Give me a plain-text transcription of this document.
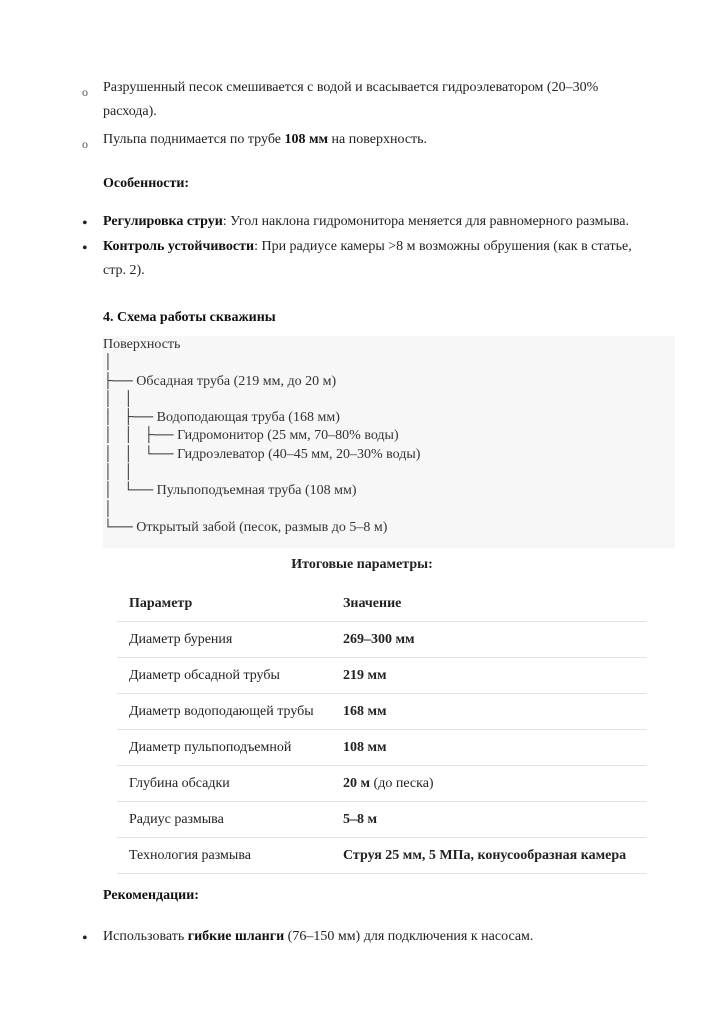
o Разрушенный песок смешивается с водой и всасывается гидроэлеватором (20–30%
расхода).
o Пульпа поднимается по трубе 108 мм на поверхность.
Особенности:
• Регулировка струи: Угол наклона гидромонитора меняется для равномерного размыва.
• Контроль устойчивости: При радиусе камеры >8 м возможны обрушения (как в статье,
стр. 2).
4. Схема работы скважины
Поверхность
│
├── Обсадная труба (219 мм, до 20 м)
│   │
│   ├── Водоподающая труба (168 мм)
│   │   ├── Гидромонитор (25 мм, 70–80% воды)
│   │   └── Гидроэлеватор (40–45 мм, 20–30% воды)
│   │
│   └── Пульпоподъемная труба (108 мм)
│
└── Открытый забой (песок, размыв до 5–8 м)
Итоговые параметры:
Параметр	Значение
Диаметр бурения	269–300 мм
Диаметр обсадной трубы	219 мм
Диаметр водоподающей трубы	168 мм
Диаметр пульпоподъемной	108 мм
Глубина обсадки	20 м (до песка)
Радиус размыва	5–8 м
Технология размыва	Струя 25 мм, 5 МПа, конусообразная камера
Рекомендации:
• Использовать гибкие шланги (76–150 мм) для подключения к насосам.
